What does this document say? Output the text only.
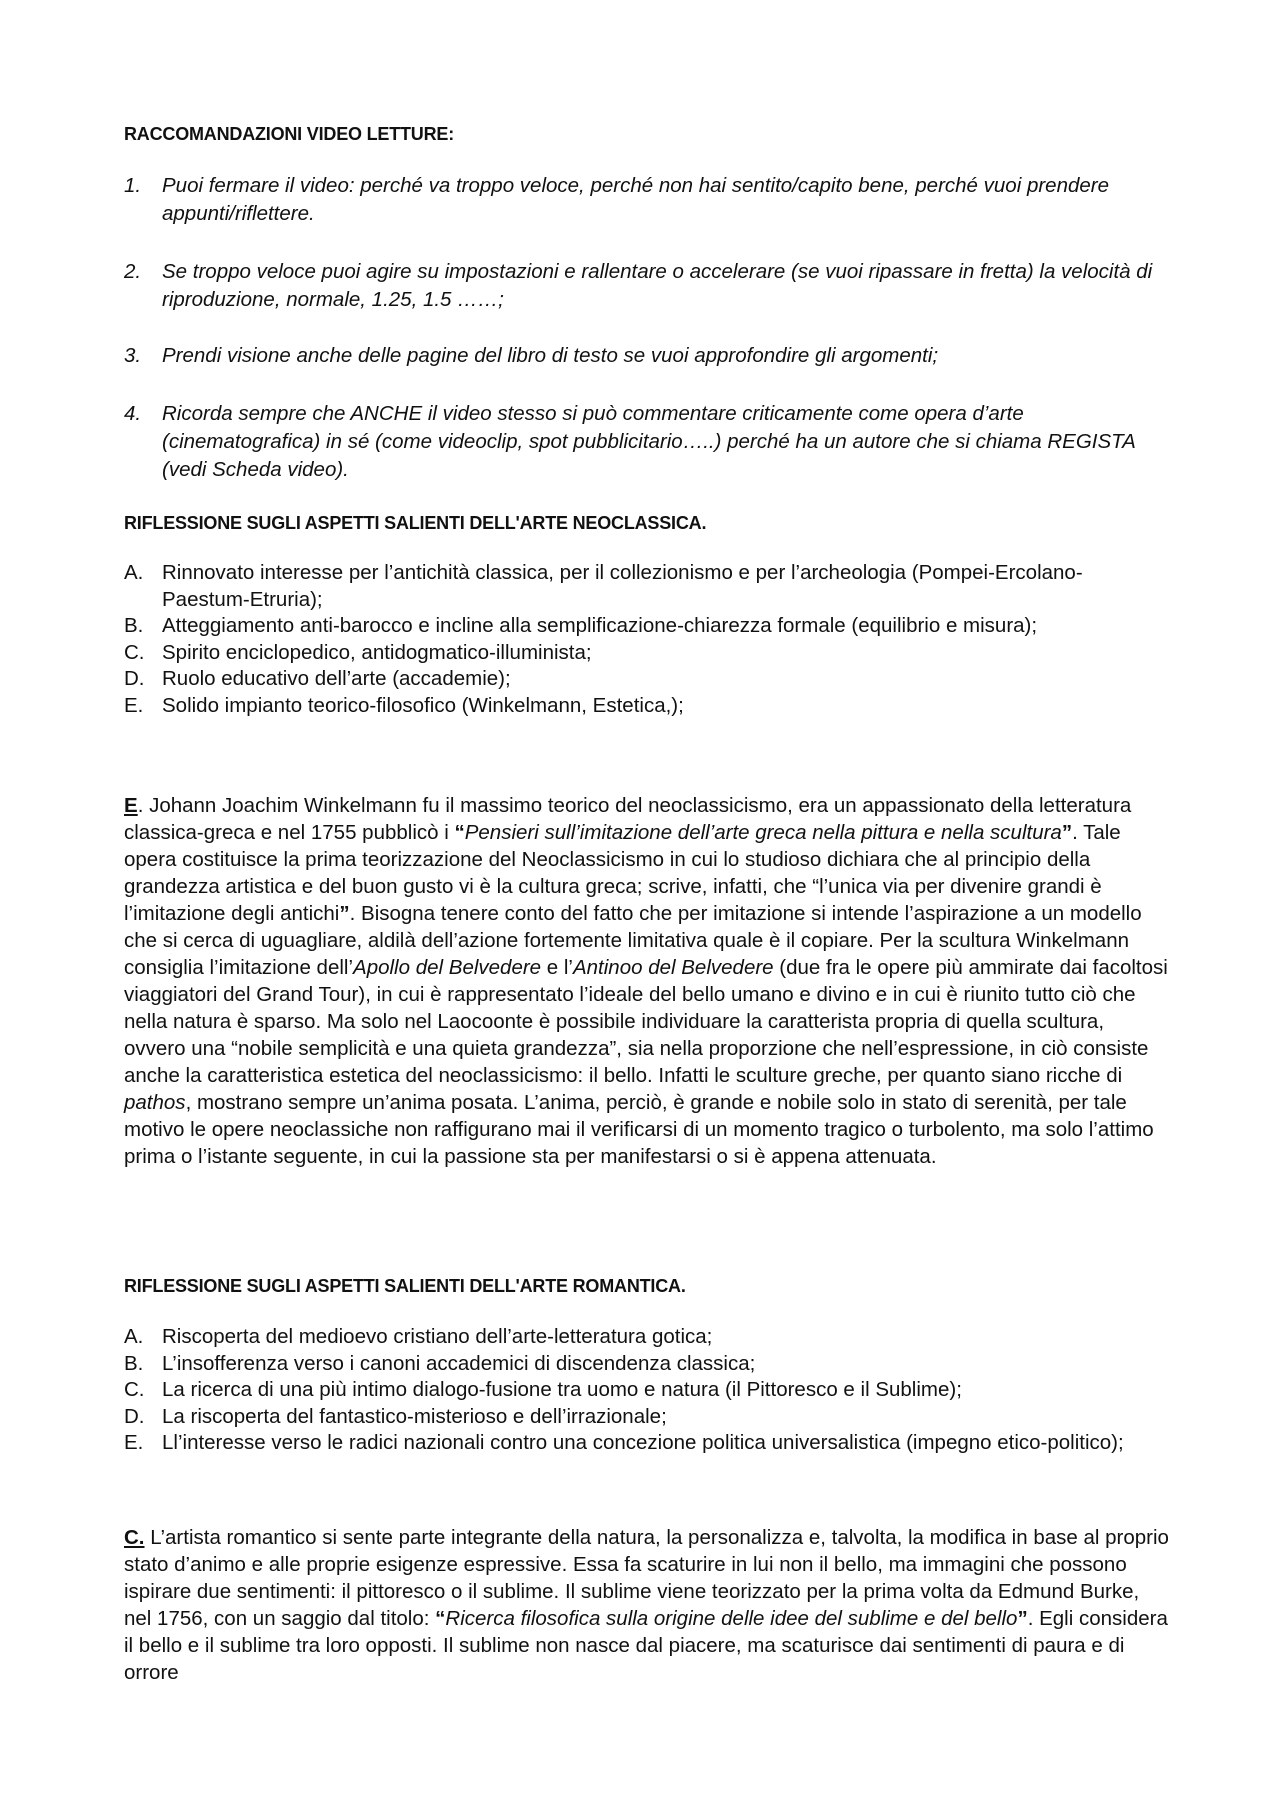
RACCOMANDAZIONI VIDEO LETTURE:
1. Puoi fermare il video: perché va troppo veloce, perché non hai sentito/capito bene, perché vuoi prendere appunti/riflettere.
2. Se troppo veloce puoi agire su impostazioni e rallentare o accelerare (se vuoi ripassare in fretta) la velocità di riproduzione, normale, 1.25, 1.5 ……;
3. Prendi visione anche delle pagine del libro di testo se vuoi approfondire gli argomenti;
4. Ricorda sempre che ANCHE il video stesso si può commentare criticamente come opera d’arte (cinematografica) in sé (come videoclip, spot pubblicitario…..) perché ha un autore che si chiama REGISTA (vedi Scheda video).
RIFLESSIONE SUGLI ASPETTI SALIENTI DELL'ARTE NEOCLASSICA.
A. Rinnovato interesse per l’antichità classica, per il collezionismo e per l’archeologia (Pompei-Ercolano- Paestum-Etruria);
B. Atteggiamento anti-barocco e incline alla semplificazione-chiarezza formale (equilibrio e misura);
C. Spirito enciclopedico, antidogmatico-illuminista;
D. Ruolo educativo dell’arte (accademie);
E. Solido impianto teorico-filosofico (Winkelmann, Estetica,);
E. Johann Joachim Winkelmann fu il massimo teorico del neoclassicismo, era un appassionato della letteratura classica-greca e nel 1755 pubblicò i “Pensieri sull’imitazione dell’arte greca nella pittura e nella scultura”. Tale opera costituisce la prima teorizzazione del Neoclassicismo in cui lo studioso dichiara che al principio della grandezza artistica e del buon gusto vi è la cultura greca; scrive, infatti, che “l’unica via per divenire grandi è l’imitazione degli antichi”. Bisogna tenere conto del fatto che per imitazione si intende l’aspirazione a un modello che si cerca di uguagliare, aldilà dell’azione fortemente limitativa quale è il copiare. Per la scultura Winkelmann consiglia l’imitazione dell’Apollo del Belvedere e l’Antinoo del Belvedere (due fra le opere più ammirate dai facoltosi viaggiatori del Grand Tour), in cui è rappresentato l’ideale del bello umano e divino e in cui è riunito tutto ciò che nella natura è sparso. Ma solo nel Laocoonte è possibile individuare la caratterista propria di quella scultura, ovvero una “nobile semplicità e una quieta grandezza”, sia nella proporzione che nell’espressione, in ciò consiste anche la caratteristica estetica del neoclassicismo: il bello. Infatti le sculture greche, per quanto siano ricche di pathos, mostrano sempre un’anima posata. L’anima, perciò, è grande e nobile solo in stato di serenità, per tale motivo le opere neoclassiche non raffigurano mai il verificarsi di un momento tragico o turbolento, ma solo l’attimo prima o l’istante seguente, in cui la passione sta per manifestarsi o si è appena attenuata.
RIFLESSIONE SUGLI ASPETTI SALIENTI DELL'ARTE ROMANTICA.
A. Riscoperta del medioevo cristiano dell’arte-letteratura gotica;
B. L’insofferenza verso i canoni accademici di discendenza classica;
C. La ricerca di una più intimo dialogo-fusione tra uomo e natura (il Pittoresco e il Sublime);
D. La riscoperta del fantastico-misterioso e dell’irrazionale;
E. Ll’interesse verso le radici nazionali contro una concezione politica universalistica (impegno etico-politico);
C. L’artista romantico si sente parte integrante della natura, la personalizza e, talvolta, la modifica in base al proprio stato d’animo e alle proprie esigenze espressive. Essa fa scaturire in lui non il bello, ma immagini che possono ispirare due sentimenti: il pittoresco o il sublime. Il sublime viene teorizzato per la prima volta da Edmund Burke, nel 1756, con un saggio dal titolo: “Ricerca filosofica sulla origine delle idee del sublime e del bello”. Egli considera il bello e il sublime tra loro opposti. Il sublime non nasce dal piacere, ma scaturisce dai sentimenti di paura e di orrore
